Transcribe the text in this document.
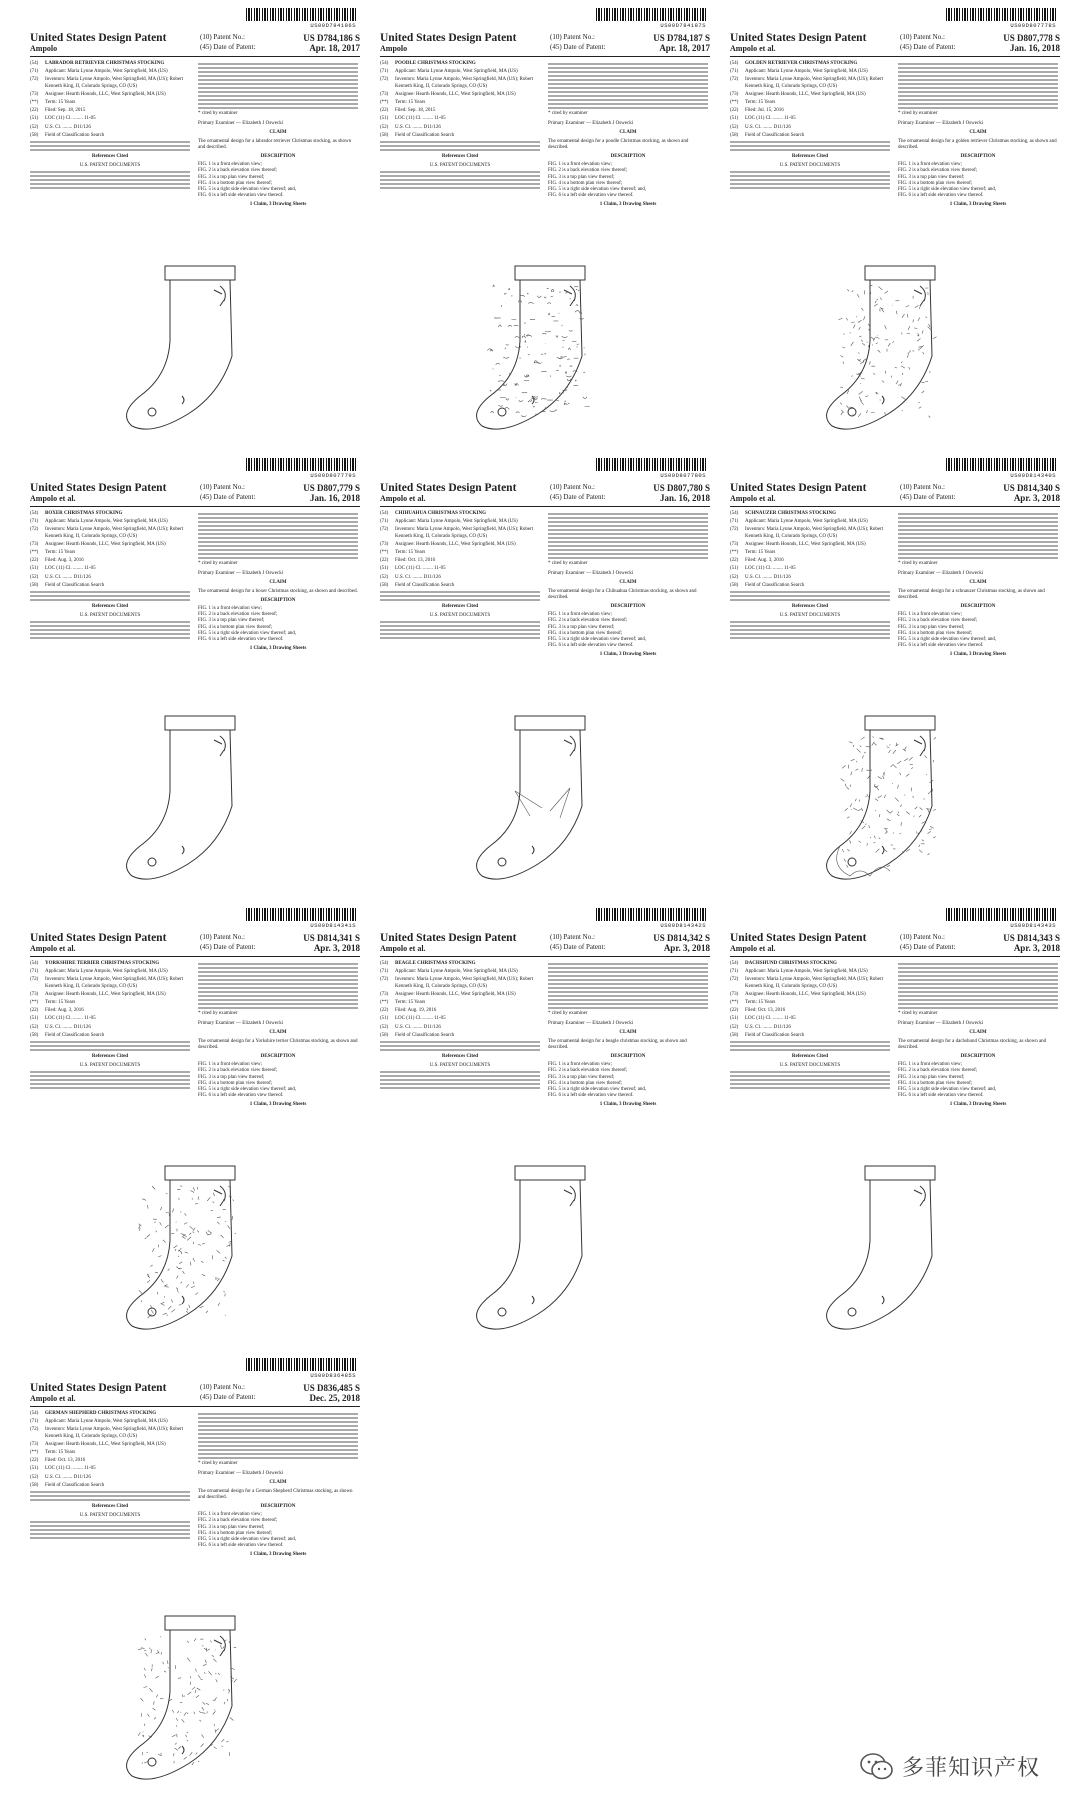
US00D784186S
United States Design Patent
Ampolo
(10) Patent No.:	US D784,186 S
(45) Date of Patent:	Apr. 18, 2017
(54)	LABRADOR RETRIEVER CHRISTMAS STOCKING
(71)	Applicant: Maria Lynne Ampolo, West Springfield, MA (US)
(72)	Inventors: Maria Lynne Ampolo, West Springfield, MA (US); Robert Kenneth King, II, Colorado Springs, CO (US)
(73)	Assignee: Hearth Hounds, LLC, West Springfield, MA (US)
(**)	Term: 15 Years
(22)	Filed: Sep. 18, 2015
(51)	LOC (11) Cl. ........ 11-05
(52)	U.S. Cl. ........ D11/126
(58)	Field of Classification Search
References Cited
U.S. PATENT DOCUMENTS
* cited by examiner
Primary Examiner — Elizabeth J Oswecki
CLAIM
The ornamental design for a labrador retriever Christmas stocking, as shown and described.
DESCRIPTION
FIG. 1 is a front elevation view;
FIG. 2 is a back elevation view thereof;
FIG. 3 is a top plan view thereof;
FIG. 4 is a bottom plan view thereof;
FIG. 5 is a right side elevation view thereof; and,
FIG. 6 is a left side elevation view thereof.
1 Claim, 3 Drawing Sheets
US00D784187S
United States Design Patent
Ampolo
(10) Patent No.:	US D784,187 S
(45) Date of Patent:	Apr. 18, 2017
(54)	POODLE CHRISTMAS STOCKING
(71)	Applicant: Maria Lynne Ampolo, West Springfield, MA (US)
(72)	Inventors: Maria Lynne Ampolo, West Springfield, MA (US); Robert Kenneth King, II, Colorado Springs, CO (US)
(73)	Assignee: Hearth Hounds, LLC, West Springfield, MA (US)
(**)	Term: 15 Years
(22)	Filed: Sep. 18, 2015
(51)	LOC (11) Cl. ........ 11-05
(52)	U.S. Cl. ........ D11/126
(58)	Field of Classification Search
References Cited
U.S. PATENT DOCUMENTS
* cited by examiner
Primary Examiner — Elizabeth J Oswecki
CLAIM
The ornamental design for a poodle Christmas stocking, as shown and described.
DESCRIPTION
FIG. 1 is a front elevation view;
FIG. 2 is a back elevation view thereof;
FIG. 3 is a top plan view thereof;
FIG. 4 is a bottom plan view thereof;
FIG. 5 is a right side elevation view thereof; and,
FIG. 6 is a left side elevation view thereof.
1 Claim, 3 Drawing Sheets
US00D807778S
United States Design Patent
Ampolo et al.
(10) Patent No.:	US D807,778 S
(45) Date of Patent:	Jan. 16, 2018
(54)	GOLDEN RETRIEVER CHRISTMAS STOCKING
(71)	Applicant: Maria Lynne Ampolo, West Springfield, MA (US)
(72)	Inventors: Maria Lynne Ampolo, West Springfield, MA (US); Robert Kenneth King, II, Colorado Springs, CO (US)
(73)	Assignee: Hearth Hounds, LLC, West Springfield, MA (US)
(**)	Term: 15 Years
(22)	Filed: Jul. 15, 2016
(51)	LOC (11) Cl. ........ 11-05
(52)	U.S. Cl. ........ D11/126
(58)	Field of Classification Search
References Cited
U.S. PATENT DOCUMENTS
* cited by examiner
Primary Examiner — Elizabeth J Oswecki
CLAIM
The ornamental design for a golden retriever Christmas stocking, as shown and described.
DESCRIPTION
FIG. 1 is a front elevation view;
FIG. 2 is a back elevation view thereof;
FIG. 3 is a top plan view thereof;
FIG. 4 is a bottom plan view thereof;
FIG. 5 is a right side elevation view thereof; and,
FIG. 6 is a left side elevation view thereof.
1 Claim, 3 Drawing Sheets
US00D807779S
United States Design Patent
Ampolo et al.
(10) Patent No.:	US D807,779 S
(45) Date of Patent:	Jan. 16, 2018
(54)	BOXER CHRISTMAS STOCKING
(71)	Applicant: Maria Lynne Ampolo, West Springfield, MA (US)
(72)	Inventors: Maria Lynne Ampolo, West Springfield, MA (US); Robert Kenneth King, II, Colorado Springs, CO (US)
(73)	Assignee: Hearth Hounds, LLC, West Springfield, MA (US)
(**)	Term: 15 Years
(22)	Filed: Aug. 3, 2016
(51)	LOC (11) Cl. ........ 11-05
(52)	U.S. Cl. ........ D11/126
(58)	Field of Classification Search
References Cited
U.S. PATENT DOCUMENTS
* cited by examiner
Primary Examiner — Elizabeth J Oswecki
CLAIM
The ornamental design for a boxer Christmas stocking, as shown and described.
DESCRIPTION
FIG. 1 is a front elevation view;
FIG. 2 is a back elevation view thereof;
FIG. 3 is a top plan view thereof;
FIG. 4 is a bottom plan view thereof;
FIG. 5 is a right side elevation view thereof; and,
FIG. 6 is a left side elevation view thereof.
1 Claim, 3 Drawing Sheets
US00D807780S
United States Design Patent
Ampolo et al.
(10) Patent No.:	US D807,780 S
(45) Date of Patent:	Jan. 16, 2018
(54)	CHIHUAHUA CHRISTMAS STOCKING
(71)	Applicant: Maria Lynne Ampolo, West Springfield, MA (US)
(72)	Inventors: Maria Lynne Ampolo, West Springfield, MA (US); Robert Kenneth King, II, Colorado Springs, CO (US)
(73)	Assignee: Hearth Hounds, LLC, West Springfield, MA (US)
(**)	Term: 15 Years
(22)	Filed: Oct. 13, 2016
(51)	LOC (11) Cl. ........ 11-05
(52)	U.S. Cl. ........ D11/126
(58)	Field of Classification Search
References Cited
U.S. PATENT DOCUMENTS
* cited by examiner
Primary Examiner — Elizabeth J Oswecki
CLAIM
The ornamental design for a Chihuahua Christmas stocking, as shown and described.
DESCRIPTION
FIG. 1 is a front elevation view;
FIG. 2 is a back elevation view thereof;
FIG. 3 is a top plan view thereof;
FIG. 4 is a bottom plan view thereof;
FIG. 5 is a right side elevation view thereof; and,
FIG. 6 is a left side elevation view thereof.
1 Claim, 3 Drawing Sheets
US00D814340S
United States Design Patent
Ampolo et al.
(10) Patent No.:	US D814,340 S
(45) Date of Patent:	Apr. 3, 2018
(54)	SCHNAUZER CHRISTMAS STOCKING
(71)	Applicant: Maria Lynne Ampolo, West Springfield, MA (US)
(72)	Inventors: Maria Lynne Ampolo, West Springfield, MA (US); Robert Kenneth King, II, Colorado Springs, CO (US)
(73)	Assignee: Hearth Hounds, LLC, West Springfield, MA (US)
(**)	Term: 15 Years
(22)	Filed: Aug. 3, 2016
(51)	LOC (11) Cl. ........ 11-05
(52)	U.S. Cl. ........ D11/126
(58)	Field of Classification Search
References Cited
U.S. PATENT DOCUMENTS
* cited by examiner
Primary Examiner — Elizabeth J Oswecki
CLAIM
The ornamental design for a schnauzer Christmas stocking, as shown and described.
DESCRIPTION
FIG. 1 is a front elevation view;
FIG. 2 is a back elevation view thereof;
FIG. 3 is a top plan view thereof;
FIG. 4 is a bottom plan view thereof;
FIG. 5 is a right side elevation view thereof; and,
FIG. 6 is a left side elevation view thereof.
1 Claim, 3 Drawing Sheets
US00D814341S
United States Design Patent
Ampolo et al.
(10) Patent No.:	US D814,341 S
(45) Date of Patent:	Apr. 3, 2018
(54)	YORKSHIRE TERRIER CHRISTMAS STOCKING
(71)	Applicant: Maria Lynne Ampolo, West Springfield, MA (US)
(72)	Inventors: Maria Lynne Ampolo, West Springfield, MA (US); Robert Kenneth King, II, Colorado Springs, CO (US)
(73)	Assignee: Hearth Hounds, LLC, West Springfield, MA (US)
(**)	Term: 15 Years
(22)	Filed: Aug. 3, 2016
(51)	LOC (11) Cl. ........ 11-05
(52)	U.S. Cl. ........ D11/126
(58)	Field of Classification Search
References Cited
U.S. PATENT DOCUMENTS
* cited by examiner
Primary Examiner — Elizabeth J Oswecki
CLAIM
The ornamental design for a Yorkshire terrier Christmas stocking, as shown and described.
DESCRIPTION
FIG. 1 is a front elevation view;
FIG. 2 is a back elevation view thereof;
FIG. 3 is a top plan view thereof;
FIG. 4 is a bottom plan view thereof;
FIG. 5 is a right side elevation view thereof; and,
FIG. 6 is a left side elevation view thereof.
1 Claim, 3 Drawing Sheets
US00D814342S
United States Design Patent
Ampolo et al.
(10) Patent No.:	US D814,342 S
(45) Date of Patent:	Apr. 3, 2018
(54)	BEAGLE CHRISTMAS STOCKING
(71)	Applicant: Maria Lynne Ampolo, West Springfield, MA (US)
(72)	Inventors: Maria Lynne Ampolo, West Springfield, MA (US); Robert Kenneth King, II, Colorado Springs, CO (US)
(73)	Assignee: Hearth Hounds, LLC, West Springfield, MA (US)
(**)	Term: 15 Years
(22)	Filed: Aug. 19, 2016
(51)	LOC (11) Cl. ........ 11-05
(52)	U.S. Cl. ........ D11/126
(58)	Field of Classification Search
References Cited
U.S. PATENT DOCUMENTS
* cited by examiner
Primary Examiner — Elizabeth J Oswecki
CLAIM
The ornamental design for a beagle christmas stocking, as shown and described.
DESCRIPTION
FIG. 1 is a front elevation view;
FIG. 2 is a back elevation view thereof;
FIG. 3 is a top plan view thereof;
FIG. 4 is a bottom plan view thereof;
FIG. 5 is a right side elevation view thereof; and,
FIG. 6 is a left side elevation view thereof.
1 Claim, 3 Drawing Sheets
US00D814343S
United States Design Patent
Ampolo et al.
(10) Patent No.:	US D814,343 S
(45) Date of Patent:	Apr. 3, 2018
(54)	DACHSHUND CHRISTMAS STOCKING
(71)	Applicant: Maria Lynne Ampolo, West Springfield, MA (US)
(72)	Inventors: Maria Lynne Ampolo, West Springfield, MA (US); Robert Kenneth King, II, Colorado Springs, CO (US)
(73)	Assignee: Hearth Hounds, LLC, West Springfield, MA (US)
(**)	Term: 15 Years
(22)	Filed: Oct. 13, 2016
(51)	LOC (11) Cl. ........ 11-05
(52)	U.S. Cl. ........ D11/126
(58)	Field of Classification Search
References Cited
U.S. PATENT DOCUMENTS
* cited by examiner
Primary Examiner — Elizabeth J Oswecki
CLAIM
The ornamental design for a dachshund Christmas stocking, as shown and described.
DESCRIPTION
FIG. 1 is a front elevation view;
FIG. 2 is a back elevation view thereof;
FIG. 3 is a top plan view thereof;
FIG. 4 is a bottom plan view thereof;
FIG. 5 is a right side elevation view thereof; and,
FIG. 6 is a left side elevation view thereof.
1 Claim, 3 Drawing Sheets
US00D836485S
United States Design Patent
Ampolo et al.
(10) Patent No.:	US D836,485 S
(45) Date of Patent:	Dec. 25, 2018
(54)	GERMAN SHEPHERD CHRISTMAS STOCKING
(71)	Applicant: Maria Lynne Ampolo, West Springfield, MA (US)
(72)	Inventors: Maria Lynne Ampolo, West Springfield, MA (US); Robert Kenneth King, II, Colorado Springs, CO (US)
(73)	Assignee: Hearth Hounds, LLC, West Springfield, MA (US)
(**)	Term: 15 Years
(22)	Filed: Oct. 13, 2016
(51)	LOC (11) Cl. ........ 11-05
(52)	U.S. Cl. ........ D11/126
(58)	Field of Classification Search
References Cited
U.S. PATENT DOCUMENTS
* cited by examiner
Primary Examiner — Elizabeth J Oswecki
CLAIM
The ornamental design for a German Shepherd Christmas stocking, as shown and described.
DESCRIPTION
FIG. 1 is a front elevation view;
FIG. 2 is a back elevation view thereof;
FIG. 3 is a top plan view thereof;
FIG. 4 is a bottom plan view thereof;
FIG. 5 is a right side elevation view thereof; and,
FIG. 6 is a left side elevation view thereof.
1 Claim, 3 Drawing Sheets
多菲知识产权
